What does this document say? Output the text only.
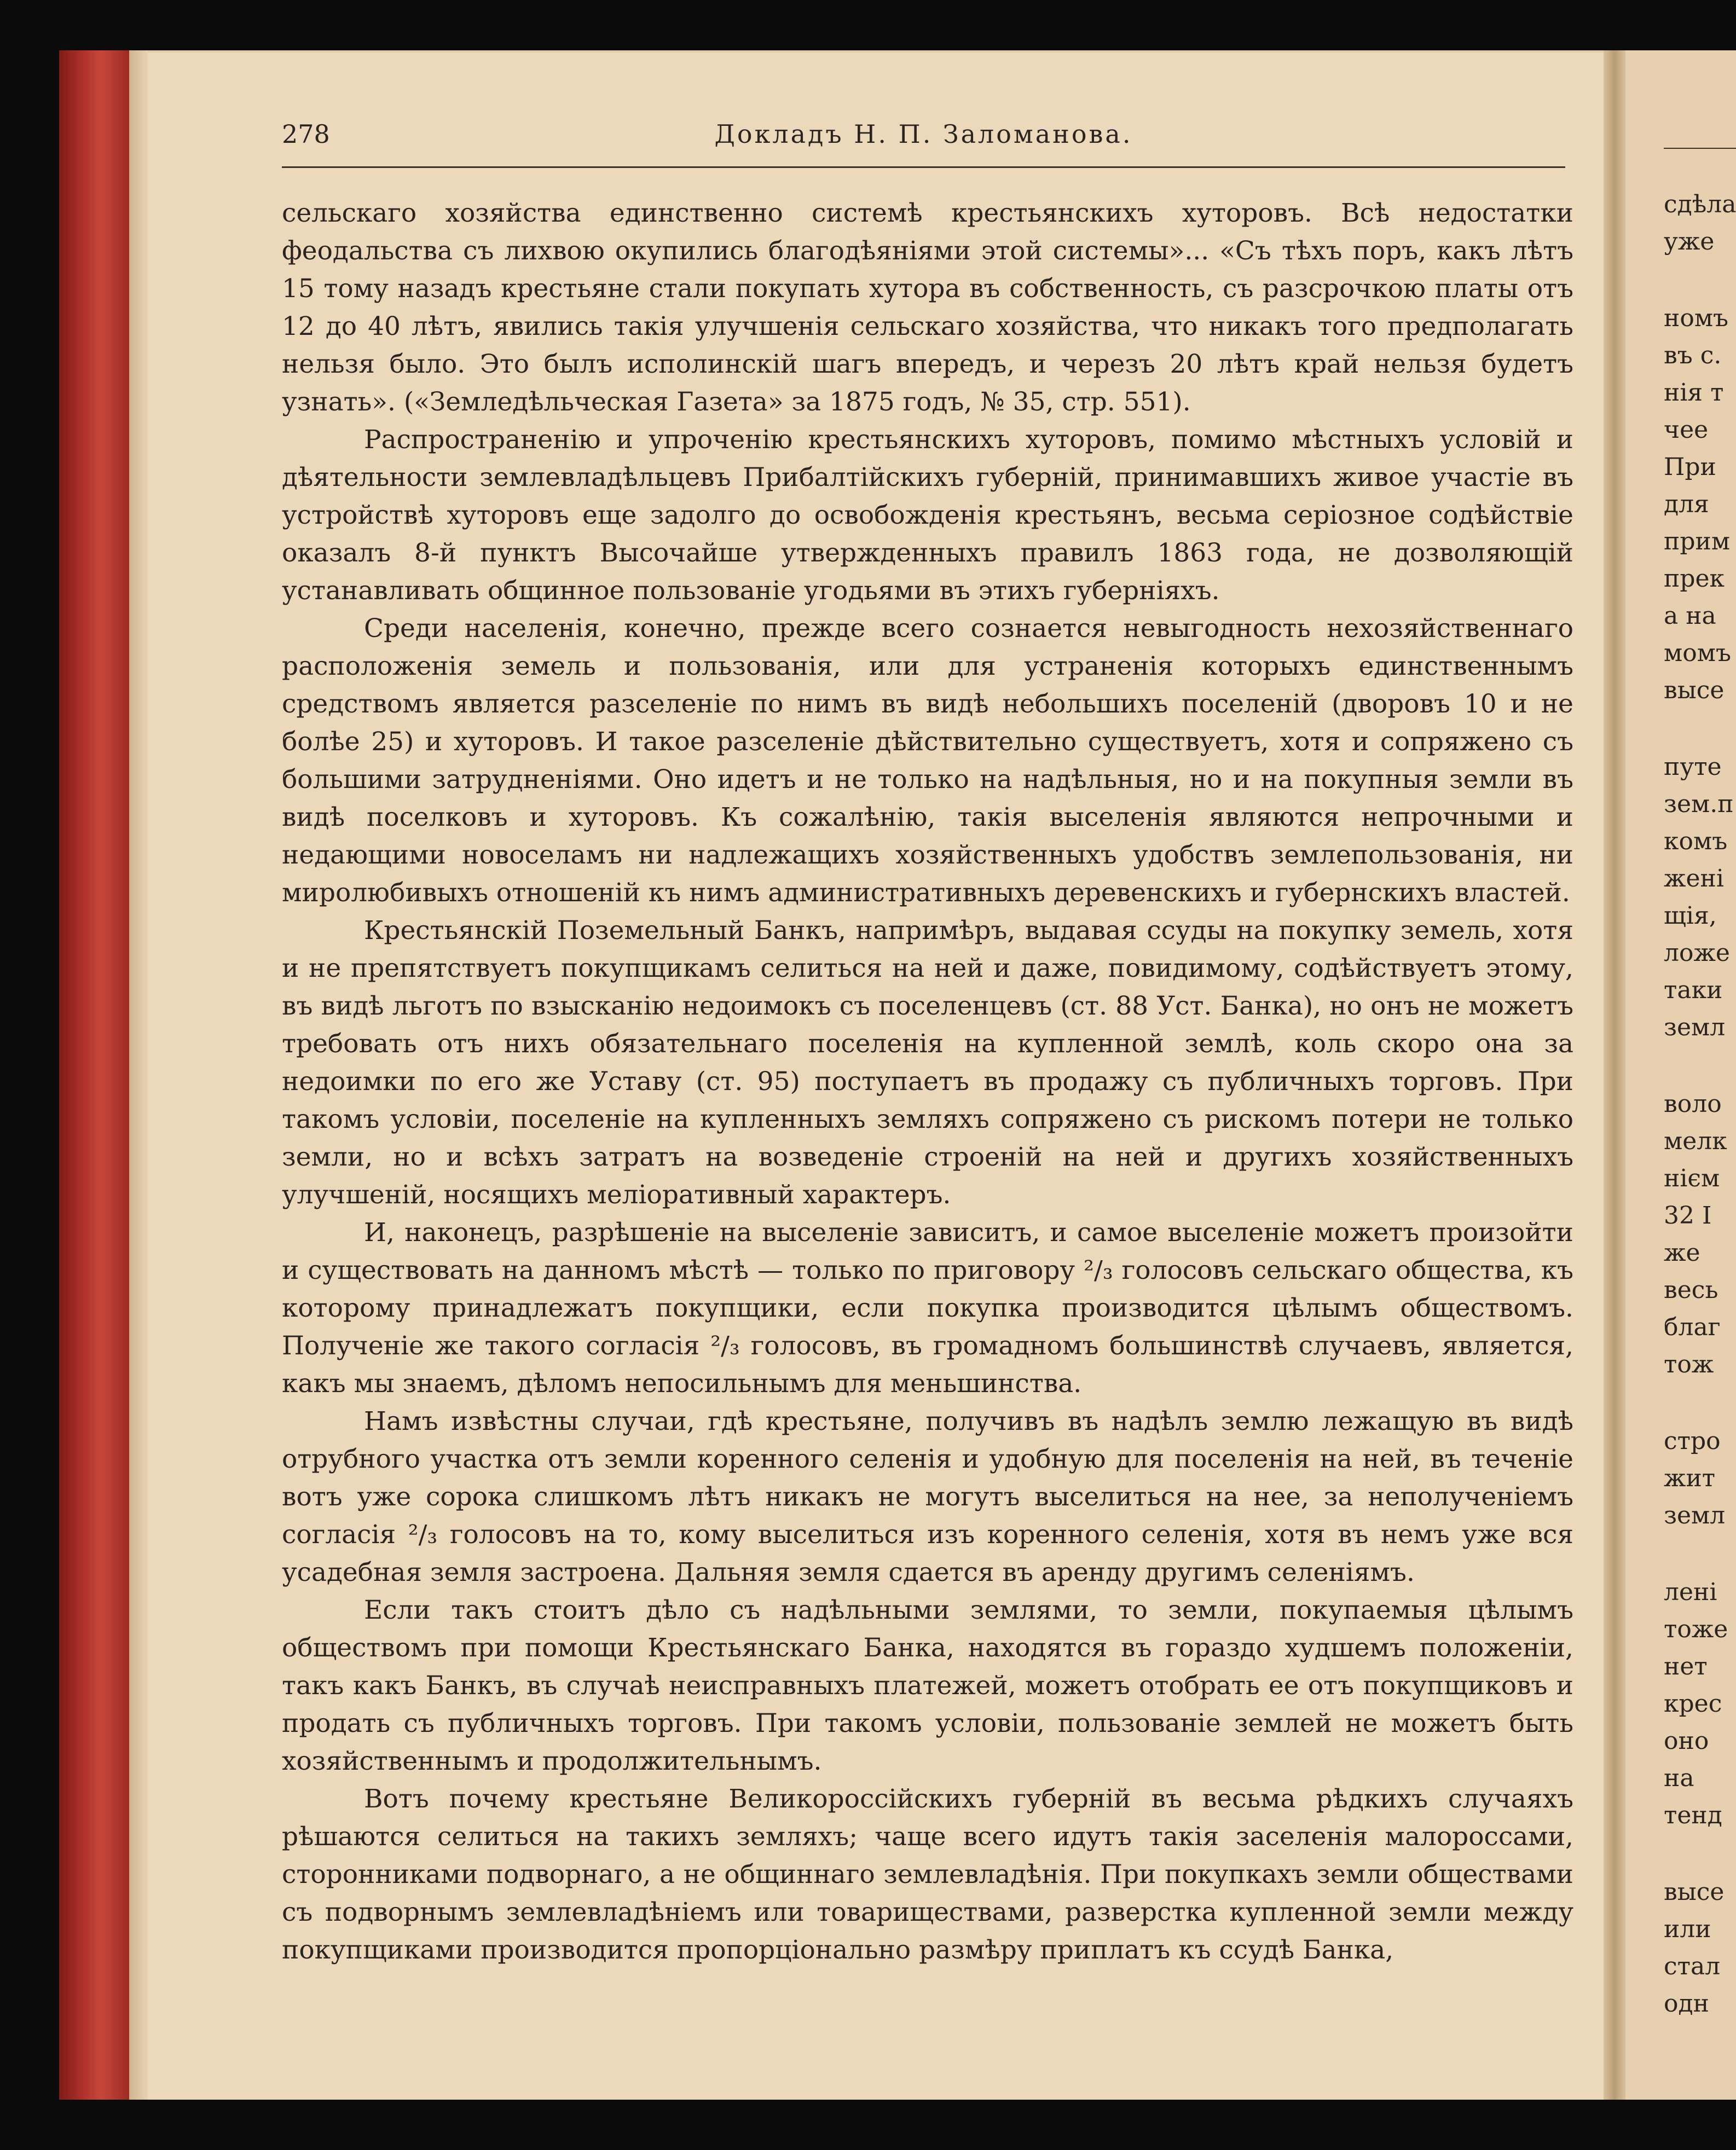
278	Докладъ Н. П. Заломанова.

сельскаго хозяйства единственно системѣ крестьянскихъ хуторовъ. Всѣ недостатки феодальства съ лихвою окупились благодѣяніями этой системы»... «Съ тѣхъ поръ, какъ лѣтъ 15 тому назадъ крестьяне стали покупать хутора въ собственность, съ разсрочкою платы отъ 12 до 40 лѣтъ, явились такія улучшенія сельскаго хозяйства, что никакъ того предполагать нельзя было. Это былъ исполинскій шагъ впередъ, и черезъ 20 лѣтъ край нельзя будетъ узнать». («Земледѣльческая Газета» за 1875 годъ, № 35, стр. 551).

Распространенію и упроченію крестьянскихъ хуторовъ, помимо мѣстныхъ условій и дѣятельности землевладѣльцевъ Прибалтійскихъ губерній, принимавшихъ живое участіе въ устройствѣ хуторовъ еще задолго до освобожденія крестьянъ, весьма серіозное содѣйствіе оказалъ 8-й пунктъ Высочайше утвержденныхъ правилъ 1863 года, не дозволяющій устанавливать общинное пользованіе угодьями въ этихъ губерніяхъ.

Среди населенія, конечно, прежде всего сознается невыгодность нехозяйственнаго расположенія земель и пользованія, или для устраненія которыхъ единственнымъ средствомъ является разселеніе по нимъ въ видѣ небольшихъ поселеній (дворовъ 10 и не болѣе 25) и хуторовъ. И такое разселеніе дѣйствительно существуетъ, хотя и сопряжено съ большими затрудненіями. Оно идетъ и не только на надѣльныя, но и на покупныя земли въ видѣ поселковъ и хуторовъ. Къ сожалѣнію, такія выселенія являются непрочными и недающими новоселамъ ни надлежащихъ хозяйственныхъ удобствъ землепользованія, ни миролюбивыхъ отношеній къ нимъ административныхъ деревенскихъ и губернскихъ властей.

Крестьянскій Поземельный Банкъ, напримѣръ, выдавая ссуды на покупку земель, хотя и не препятствуетъ покупщикамъ селиться на ней и даже, повидимому, содѣйствуетъ этому, въ видѣ льготъ по взысканію недоимокъ съ поселенцевъ (ст. 88 Уст. Банка), но онъ не можетъ требовать отъ нихъ обязательнаго поселенія на купленной землѣ, коль скоро она за недоимки по его же Уставу (ст. 95) поступаетъ въ продажу съ публичныхъ торговъ. При такомъ условіи, поселеніе на купленныхъ земляхъ сопряжено съ рискомъ потери не только земли, но и всѣхъ затратъ на возведеніе строеній на ней и другихъ хозяйственныхъ улучшеній, носящихъ меліоративный характеръ.

И, наконецъ, разрѣшеніе на выселеніе зависитъ, и самое выселеніе можетъ произойти и существовать на данномъ мѣстѣ — только по приговору ²/₃ голосовъ сельскаго общества, къ которому принадлежатъ покупщики, если покупка производится цѣлымъ обществомъ. Полученіе же такого согласія ²/₃ голосовъ, въ громадномъ большинствѣ случаевъ, является, какъ мы знаемъ, дѣломъ непосильнымъ для меньшинства.

Намъ извѣстны случаи, гдѣ крестьяне, получивъ въ надѣлъ землю лежащую въ видѣ отрубного участка отъ земли коренного селенія и удобную для поселенія на ней, въ теченіе вотъ уже сорока слишкомъ лѣтъ никакъ не могутъ выселиться на нее, за неполученіемъ согласія ²/₃ голосовъ на то, кому выселиться изъ коренного селенія, хотя въ немъ уже вся усадебная земля застроена. Дальняя земля сдается въ аренду другимъ селеніямъ.

Если такъ стоитъ дѣло съ надѣльными землями, то земли, покупаемыя цѣлымъ обществомъ при помощи Крестьянскаго Банка, находятся въ гораздо худшемъ положеніи, такъ какъ Банкъ, въ случаѣ неисправныхъ платежей, можетъ отобрать ее отъ покупщиковъ и продать съ публичныхъ торговъ. При такомъ условіи, пользованіе землей не можетъ быть хозяйственнымъ и продолжительнымъ.

Вотъ почему крестьяне Великороссійскихъ губерній въ весьма рѣдкихъ случаяхъ рѣшаются селиться на такихъ земляхъ; чаще всего идутъ такія заселенія малороссами, сторонниками подворнаго, а не общиннаго землевладѣнія. При покупкахъ земли обществами съ подворнымъ землевладѣніемъ или товариществами, разверстка купленной земли между покупщиками производится пропорціонально размѣру приплатъ къ ссудѣ Банка,

сдѣла
уже
номъ
въ с.
нія т
чее
При
для
прим
прек
а на
момъ
высе
путе
зем.п
комъ
жені
щія,
ложе
таки
земл
воло
мелк
нієм
32 I
же
весь
благ
тож
стро
жит
земл
лені
тоже
нет
крес
оно
на
тенд
высе
или
стал
одн
